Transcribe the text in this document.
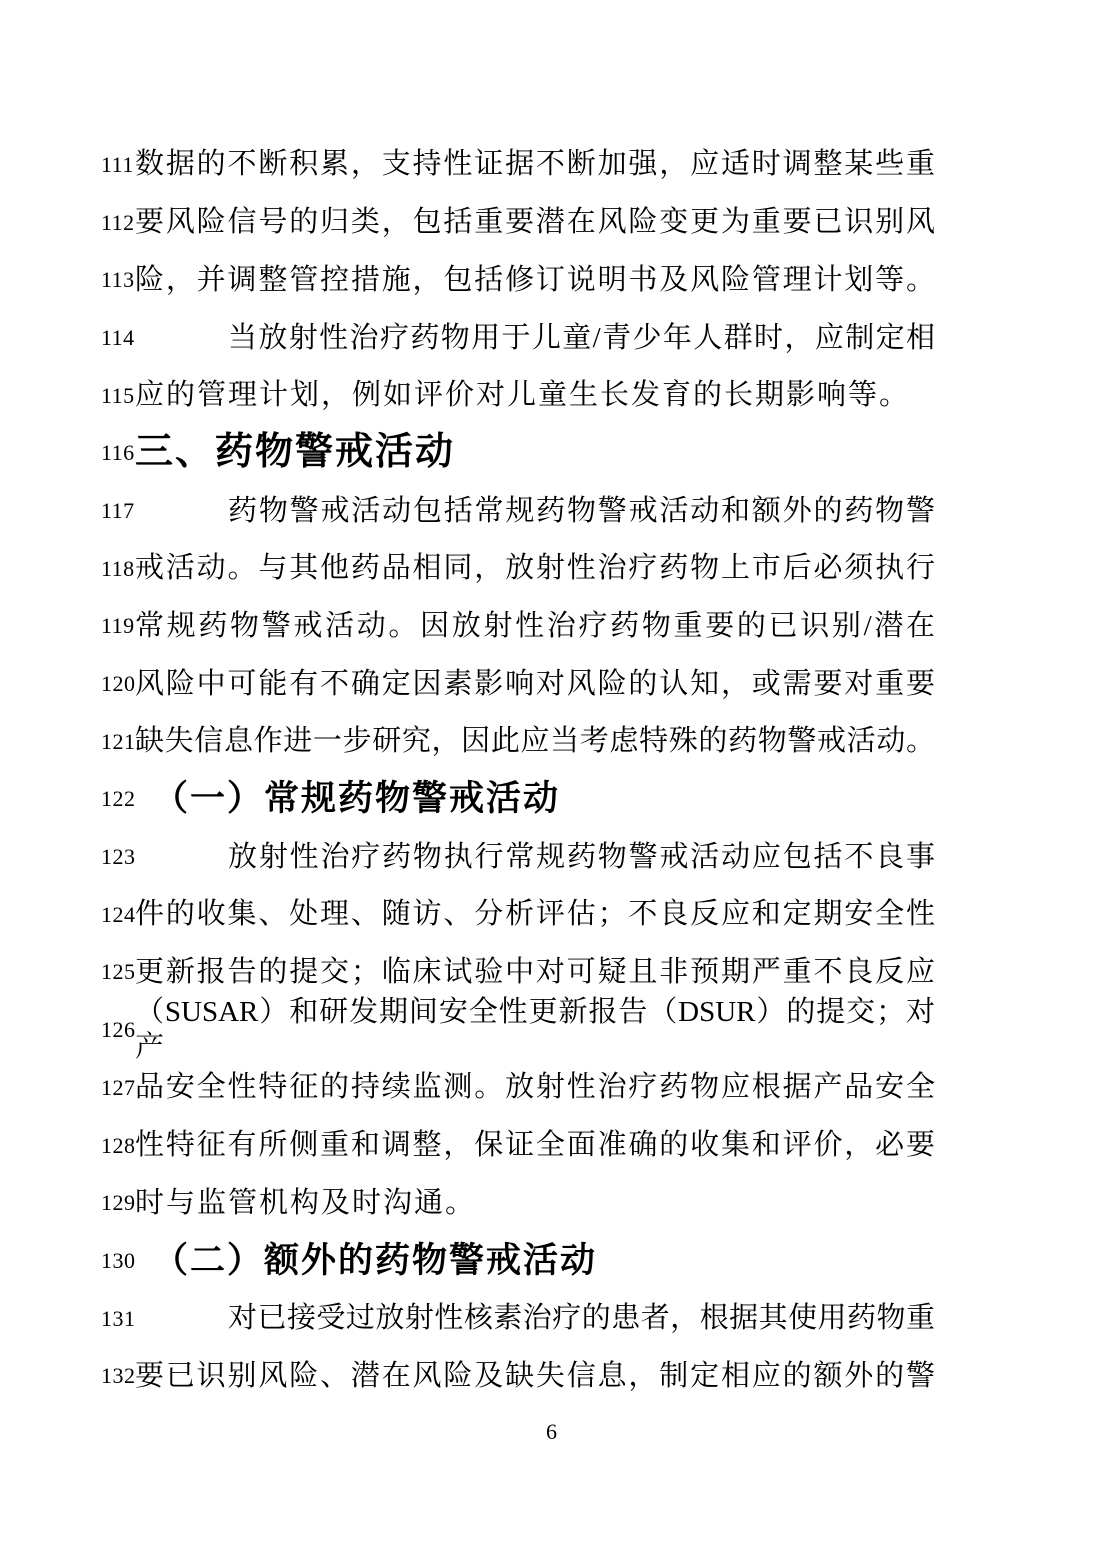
111 数据的不断积累，支持性证据不断加强，应适时调整某些重
112 要风险信号的归类，包括重要潜在风险变更为重要已识别风
113 险，并调整管控措施，包括修订说明书及风险管理计划等。
114	当放射性治疗药物用于儿童/青少年人群时，应制定相
115 应的管理计划，例如评价对儿童生长发育的长期影响等。
116 三、药物警戒活动
117	药物警戒活动包括常规药物警戒活动和额外的药物警
118 戒活动。与其他药品相同，放射性治疗药物上市后必须执行
119 常规药物警戒活动。因放射性治疗药物重要的已识别/潜在
120 风险中可能有不确定因素影响对风险的认知，或需要对重要
121 缺失信息作进一步研究，因此应当考虑特殊的药物警戒活动。
122 （一）常规药物警戒活动
123	放射性治疗药物执行常规药物警戒活动应包括不良事
124 件的收集、处理、随访、分析评估；不良反应和定期安全性
125 更新报告的提交；临床试验中对可疑且非预期严重不良反应
126
（SUSAR）和研发期间安全性更新报告（DSUR）的提交；对产
127 品安全性特征的持续监测。放射性治疗药物应根据产品安全
128 性特征有所侧重和调整，保证全面准确的收集和评价，必要
129 时与监管机构及时沟通。
130 （二）额外的药物警戒活动
131	对已接受过放射性核素治疗的患者，根据其使用药物重
132 要已识别风险、潜在风险及缺失信息，制定相应的额外的警
6
